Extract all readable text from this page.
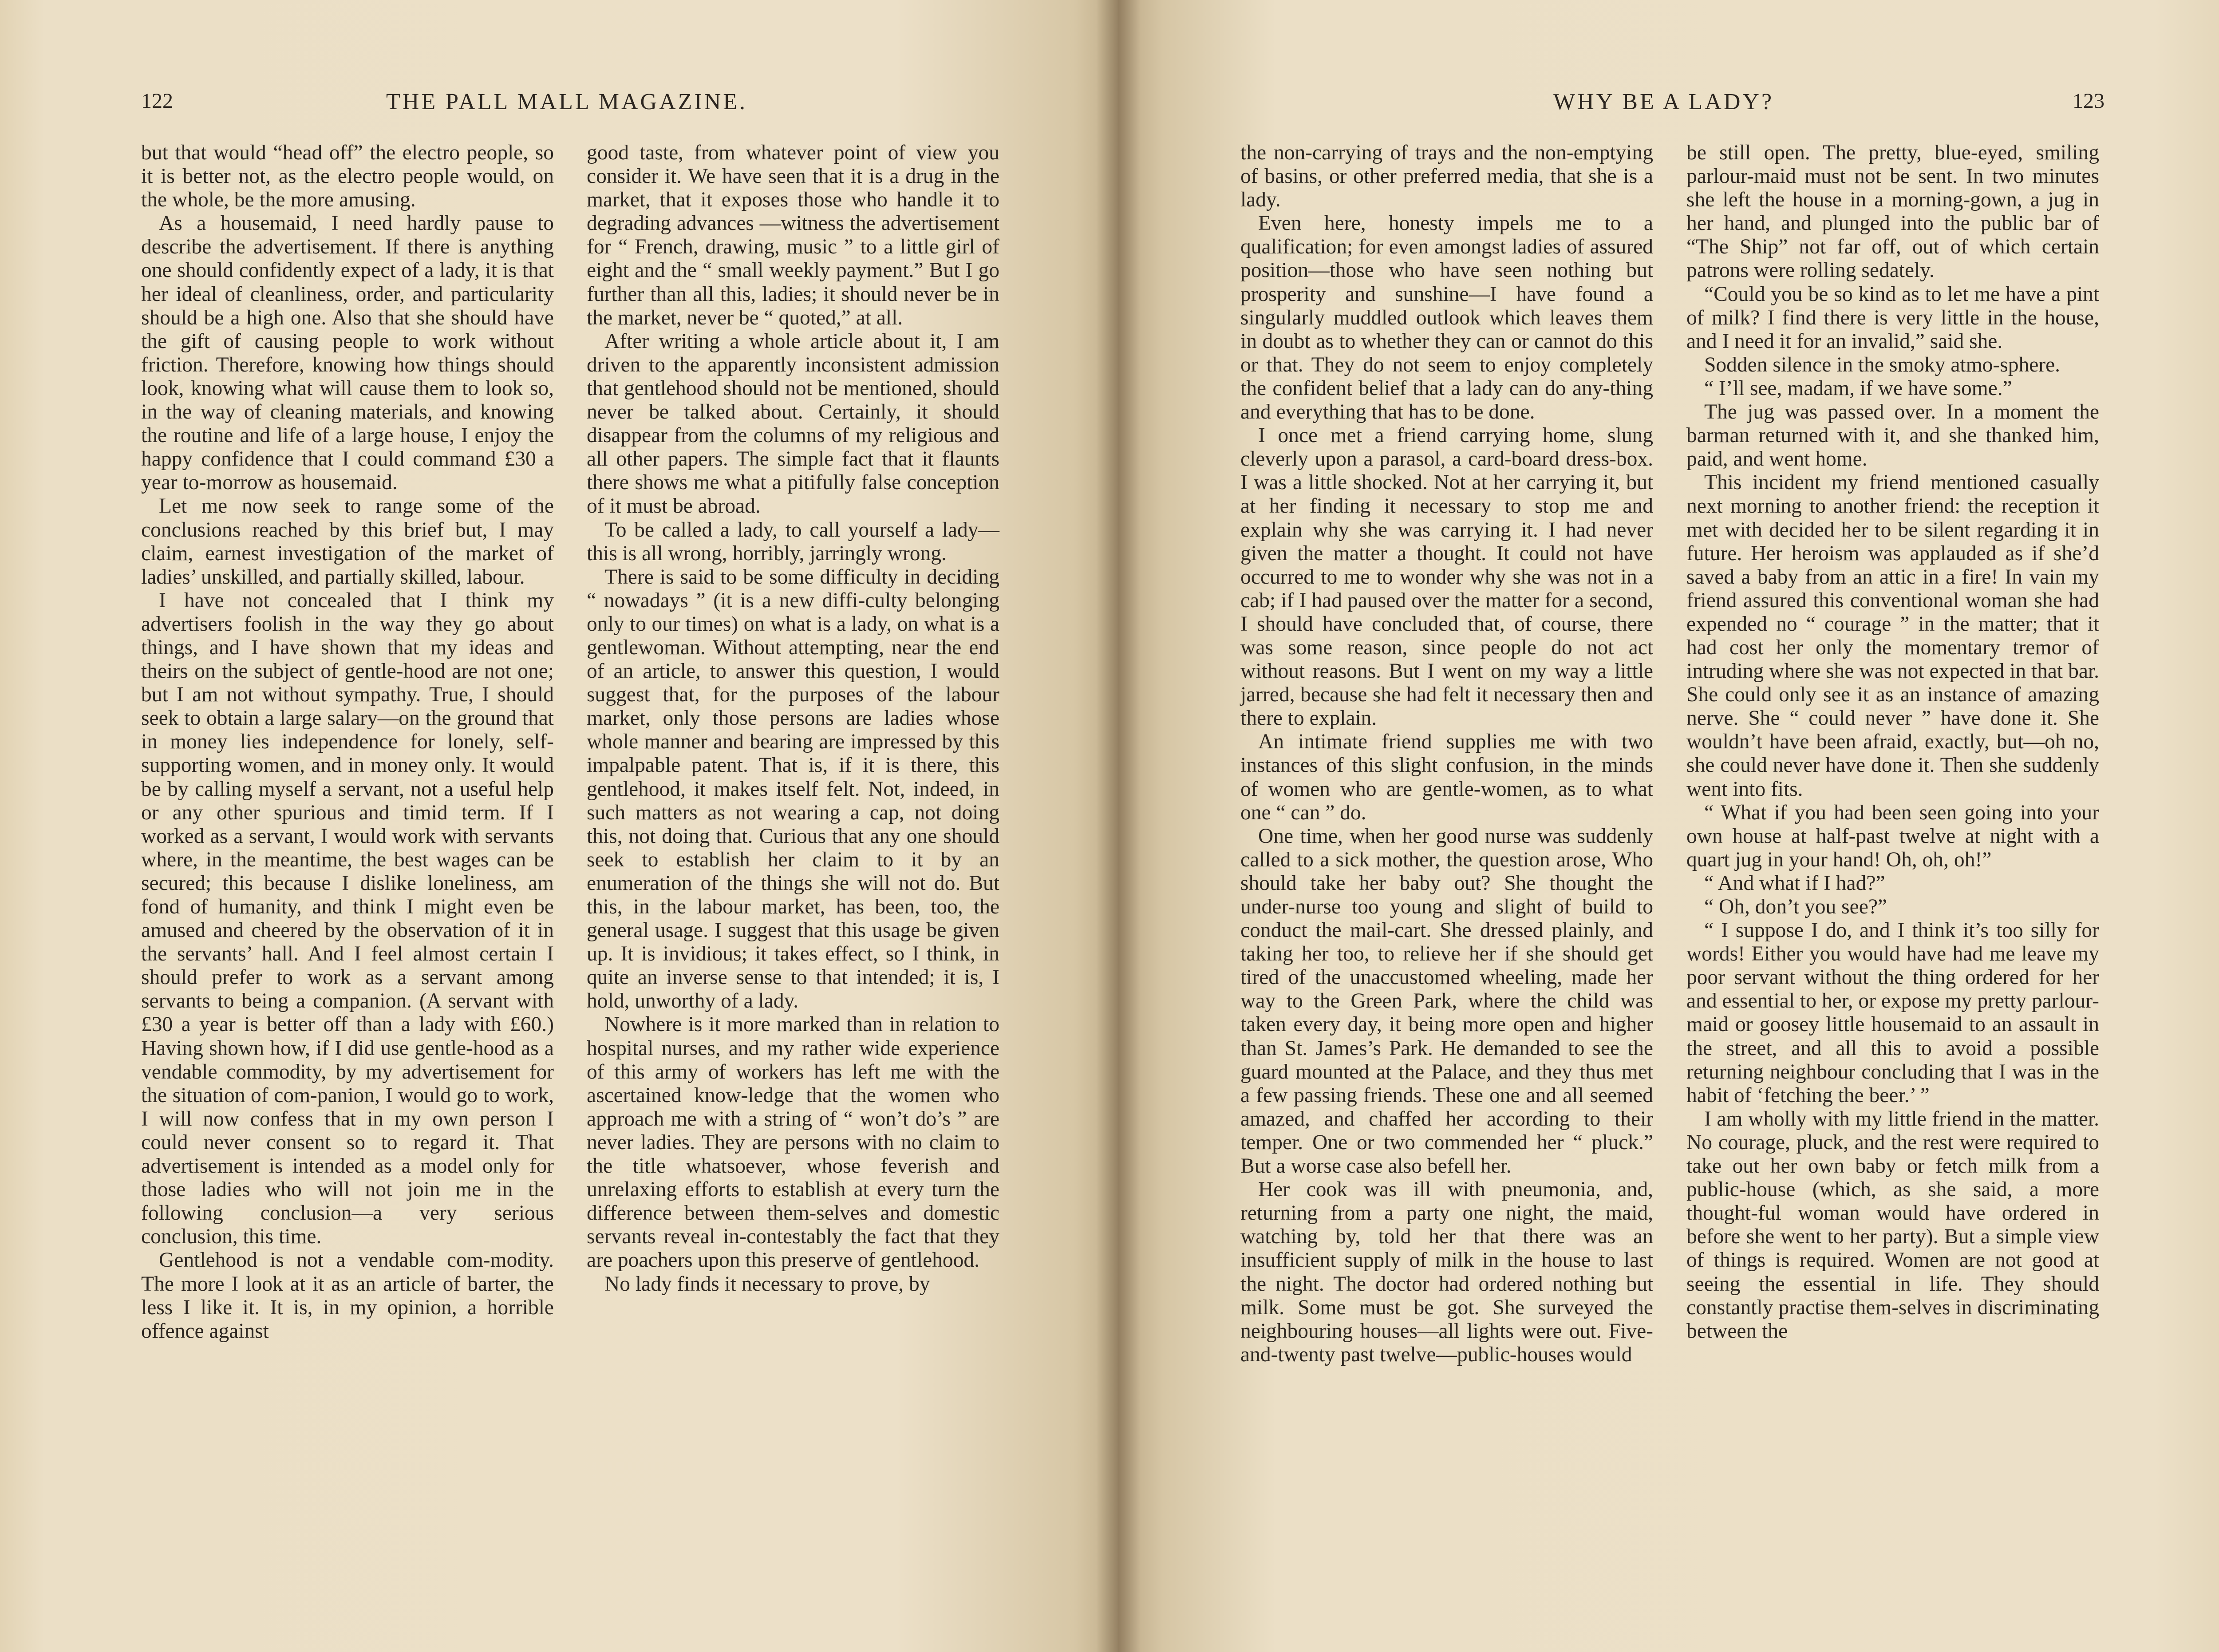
122	THE PALL MALL MAGAZINE.

but that would “head off” the electro people, so it is better not, as the electro people would, on the whole, be the more amusing.

As a housemaid, I need hardly pause to describe the advertisement. If there is anything one should confidently expect of a lady, it is that her ideal of cleanliness, order, and particularity should be a high one. Also that she should have the gift of causing people to work without friction. Therefore, knowing how things should look, knowing what will cause them to look so, in the way of cleaning materials, and knowing the routine and life of a large house, I enjoy the happy confidence that I could command £30 a year to-morrow as housemaid.

Let me now seek to range some of the conclusions reached by this brief but, I may claim, earnest investigation of the market of ladies’ unskilled, and partially skilled, labour.

I have not concealed that I think my advertisers foolish in the way they go about things, and I have shown that my ideas and theirs on the subject of gentle-hood are not one; but I am not without sympathy. True, I should seek to obtain a large salary—on the ground that in money lies independence for lonely, self-supporting women, and in money only. It would be by calling myself a servant, not a useful help or any other spurious and timid term. If I worked as a servant, I would work with servants where, in the meantime, the best wages can be secured; this because I dislike loneliness, am fond of humanity, and think I might even be amused and cheered by the observation of it in the servants’ hall. And I feel almost certain I should prefer to work as a servant among servants to being a companion. (A servant with £30 a year is better off than a lady with £60.) Having shown how, if I did use gentle-hood as a vendable commodity, by my advertisement for the situation of com-panion, I would go to work, I will now confess that in my own person I could never consent so to regard it. That advertisement is intended as a model only for those ladies who will not join me in the following conclusion—a very serious conclusion, this time.

Gentlehood is not a vendable com-modity. The more I look at it as an article of barter, the less I like it. It is, in my opinion, a horrible offence against

good taste, from whatever point of view you consider it. We have seen that it is a drug in the market, that it exposes those who handle it to degrading advances —witness the advertisement for “ French, drawing, music ” to a little girl of eight and the “ small weekly payment.” But I go further than all this, ladies; it should never be in the market, never be “ quoted,” at all.

After writing a whole article about it, I am driven to the apparently inconsistent admission that gentlehood should not be mentioned, should never be talked about. Certainly, it should disappear from the columns of my religious and all other papers. The simple fact that it flaunts there shows me what a pitifully false conception of it must be abroad.

To be called a lady, to call yourself a lady—this is all wrong, horribly, jarringly wrong.

There is said to be some difficulty in deciding “ nowadays ” (it is a new diffi-culty belonging only to our times) on what is a lady, on what is a gentlewoman. Without attempting, near the end of an article, to answer this question, I would suggest that, for the purposes of the labour market, only those persons are ladies whose whole manner and bearing are impressed by this impalpable patent. That is, if it is there, this gentlehood, it makes itself felt. Not, indeed, in such matters as not wearing a cap, not doing this, not doing that. Curious that any one should seek to establish her claim to it by an enumeration of the things she will not do. But this, in the labour market, has been, too, the general usage. I suggest that this usage be given up. It is invidious; it takes effect, so I think, in quite an inverse sense to that intended; it is, I hold, unworthy of a lady.

Nowhere is it more marked than in relation to hospital nurses, and my rather wide experience of this army of workers has left me with the ascertained know-ledge that the women who approach me with a string of “ won’t do’s ” are never ladies. They are persons with no claim to the title whatsoever, whose feverish and unrelaxing efforts to establish at every turn the difference between them-selves and domestic servants reveal in-contestably the fact that they are poachers upon this preserve of gentlehood.

No lady finds it necessary to prove, by

WHY BE A LADY?	123

the non-carrying of trays and the non-emptying of basins, or other preferred media, that she is a lady.

Even here, honesty impels me to a qualification; for even amongst ladies of assured position—those who have seen nothing but prosperity and sunshine—I have found a singularly muddled outlook which leaves them in doubt as to whether they can or cannot do this or that. They do not seem to enjoy completely the confident belief that a lady can do any-thing and everything that has to be done.

I once met a friend carrying home, slung cleverly upon a parasol, a card-board dress-box. I was a little shocked. Not at her carrying it, but at her finding it necessary to stop me and explain why she was carrying it. I had never given the matter a thought. It could not have occurred to me to wonder why she was not in a cab; if I had paused over the matter for a second, I should have concluded that, of course, there was some reason, since people do not act without reasons. But I went on my way a little jarred, because she had felt it necessary then and there to explain.

An intimate friend supplies me with two instances of this slight confusion, in the minds of women who are gentle-women, as to what one “ can ” do.

One time, when her good nurse was suddenly called to a sick mother, the question arose, Who should take her baby out? She thought the under-nurse too young and slight of build to conduct the mail-cart. She dressed plainly, and taking her too, to relieve her if she should get tired of the unaccustomed wheeling, made her way to the Green Park, where the child was taken every day, it being more open and higher than St. James’s Park. He demanded to see the guard mounted at the Palace, and they thus met a few passing friends. These one and all seemed amazed, and chaffed her according to their temper. One or two commended her “ pluck.” But a worse case also befell her.

Her cook was ill with pneumonia, and, returning from a party one night, the maid, watching by, told her that there was an insufficient supply of milk in the house to last the night. The doctor had ordered nothing but milk. Some must be got. She surveyed the neighbouring houses—all lights were out. Five-and-twenty past twelve—public-houses would

be still open. The pretty, blue-eyed, smiling parlour-maid must not be sent. In two minutes she left the house in a morning-gown, a jug in her hand, and plunged into the public bar of “The Ship” not far off, out of which certain patrons were rolling sedately.

“Could you be so kind as to let me have a pint of milk? I find there is very little in the house, and I need it for an invalid,” said she.

Sodden silence in the smoky atmo-sphere.

“ I’ll see, madam, if we have some.”

The jug was passed over. In a moment the barman returned with it, and she thanked him, paid, and went home.

This incident my friend mentioned casually next morning to another friend: the reception it met with decided her to be silent regarding it in future. Her heroism was applauded as if she’d saved a baby from an attic in a fire! In vain my friend assured this conventional woman she had expended no “ courage ” in the matter; that it had cost her only the momentary tremor of intruding where she was not expected in that bar. She could only see it as an instance of amazing nerve. She “ could never ” have done it. She wouldn’t have been afraid, exactly, but—oh no, she could never have done it. Then she suddenly went into fits.

“ What if you had been seen going into your own house at half-past twelve at night with a quart jug in your hand! Oh, oh, oh!”

“ And what if I had?”

“ Oh, don’t you see?”

“ I suppose I do, and I think it’s too silly for words! Either you would have had me leave my poor servant without the thing ordered for her and essential to her, or expose my pretty parlour-maid or goosey little housemaid to an assault in the street, and all this to avoid a possible returning neighbour concluding that I was in the habit of ‘fetching the beer.’ ”

I am wholly with my little friend in the matter. No courage, pluck, and the rest were required to take out her own baby or fetch milk from a public-house (which, as she said, a more thought-ful woman would have ordered in before she went to her party). But a simple view of things is required. Women are not good at seeing the essential in life. They should constantly practise them-selves in discriminating between the
